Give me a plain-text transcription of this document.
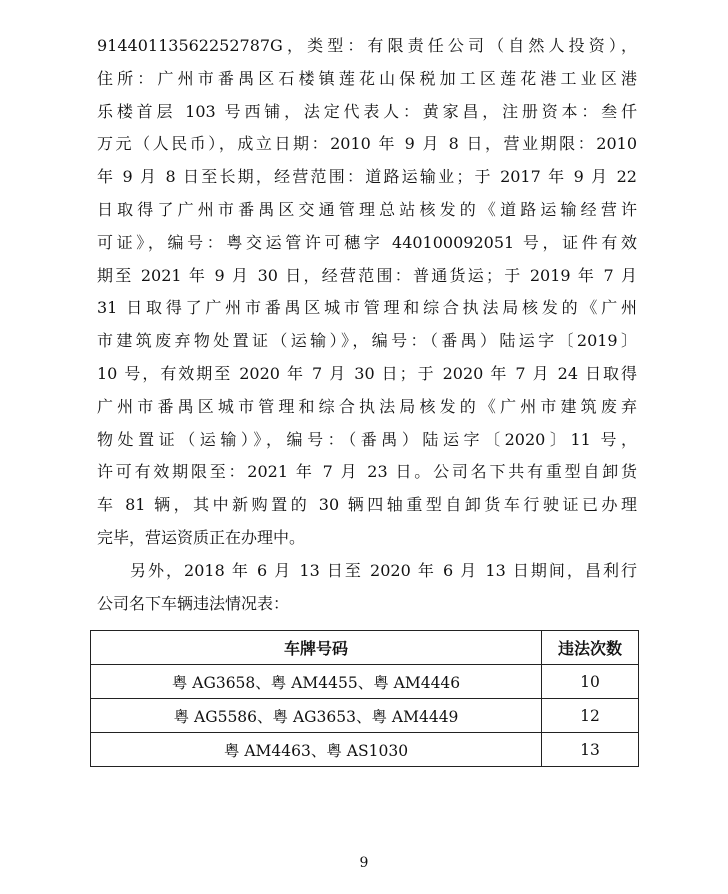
91440113562252787G，类型：有限责任公司（自然人投资），
住所：广州市番禺区石楼镇莲花山保税加工区莲花港工业区港
乐楼首层 103 号西铺，法定代表人：黄家昌，注册资本：叁仟
万元（人民币），成立日期：2010 年 9 月 8 日，营业期限：2010
年 9 月 8 日至长期，经营范围：道路运输业；于 2017 年 9 月 22
日取得了广州市番禺区交通管理总站核发的《道路运输经营许
可证》，编号：粤交运管许可穗字 440100092051 号，证件有效
期至 2021 年 9 月 30 日，经营范围：普通货运；于 2019 年 7 月
31 日取得了广州市番禺区城市管理和综合执法局核发的《广州
市建筑废弃物处置证（运输）》，编号：（番禺）陆运字〔2019〕
10 号，有效期至 2020 年 7 月 30 日；于 2020 年 7 月 24 日取得
广州市番禺区城市管理和综合执法局核发的《广州市建筑废弃
物处置证（运输）》，编号：（番禺）陆运字〔2020〕11 号，
许可有效期限至：2021 年 7 月 23 日。公司名下共有重型自卸货
车 81 辆，其中新购置的 30 辆四轴重型自卸货车行驶证已办理
完毕，营运资质正在办理中。
另外，2018 年 6 月 13 日至 2020 年 6 月 13 日期间，昌利行
公司名下车辆违法情况表：
车牌号码	违法次数
粤 AG3658、粤 AM4455、粤 AM4446	10
粤 AG5586、粤 AG3653、粤 AM4449	12
粤 AM4463、粤 AS1030	13
9
